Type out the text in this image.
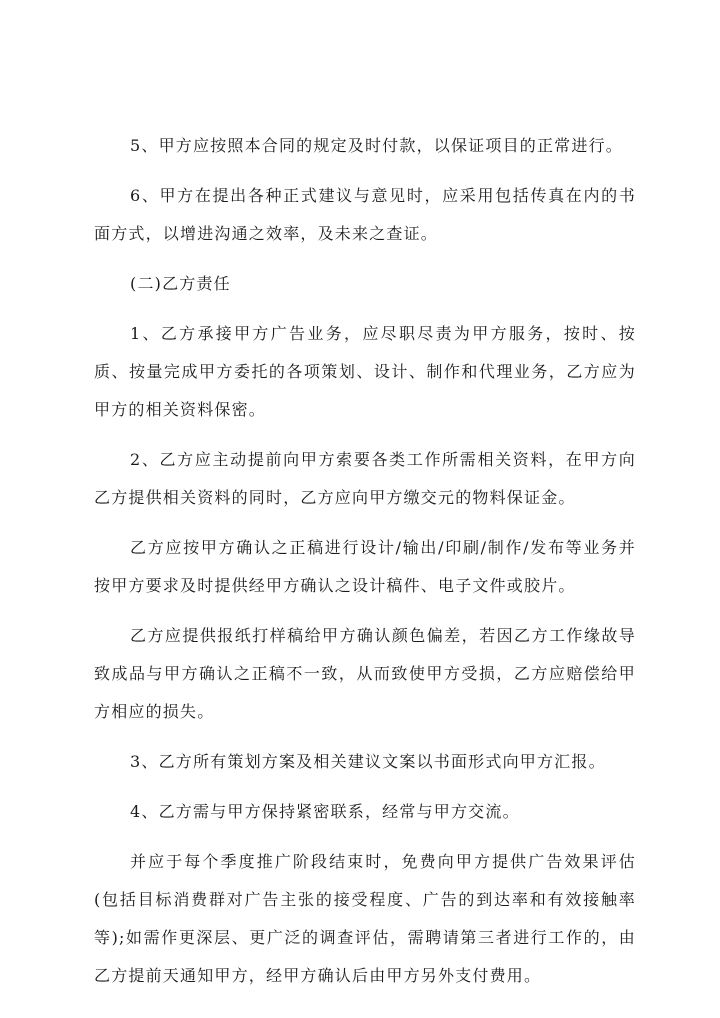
5、甲方应按照本合同的规定及时付款，以保证项目的正常进行。

6、甲方在提出各种正式建议与意见时，应采用包括传真在内的书面方式，以增进沟通之效率，及未来之查证。

(二)乙方责任

1、乙方承接甲方广告业务，应尽职尽责为甲方服务，按时、按质、按量完成甲方委托的各项策划、设计、制作和代理业务，乙方应为甲方的相关资料保密。

2、乙方应主动提前向甲方索要各类工作所需相关资料，在甲方向乙方提供相关资料的同时，乙方应向甲方缴交元的物料保证金。

乙方应按甲方确认之正稿进行设计/输出/印刷/制作/发布等业务并按甲方要求及时提供经甲方确认之设计稿件、电子文件或胶片。

乙方应提供报纸打样稿给甲方确认颜色偏差，若因乙方工作缘故导致成品与甲方确认之正稿不一致，从而致使甲方受损，乙方应赔偿给甲方相应的损失。

3、乙方所有策划方案及相关建议文案以书面形式向甲方汇报。

4、乙方需与甲方保持紧密联系，经常与甲方交流。

并应于每个季度推广阶段结束时，免费向甲方提供广告效果评估(包括目标消费群对广告主张的接受程度、广告的到达率和有效接触率等);如需作更深层、更广泛的调查评估，需聘请第三者进行工作的，由乙方提前天通知甲方，经甲方确认后由甲方另外支付费用。
